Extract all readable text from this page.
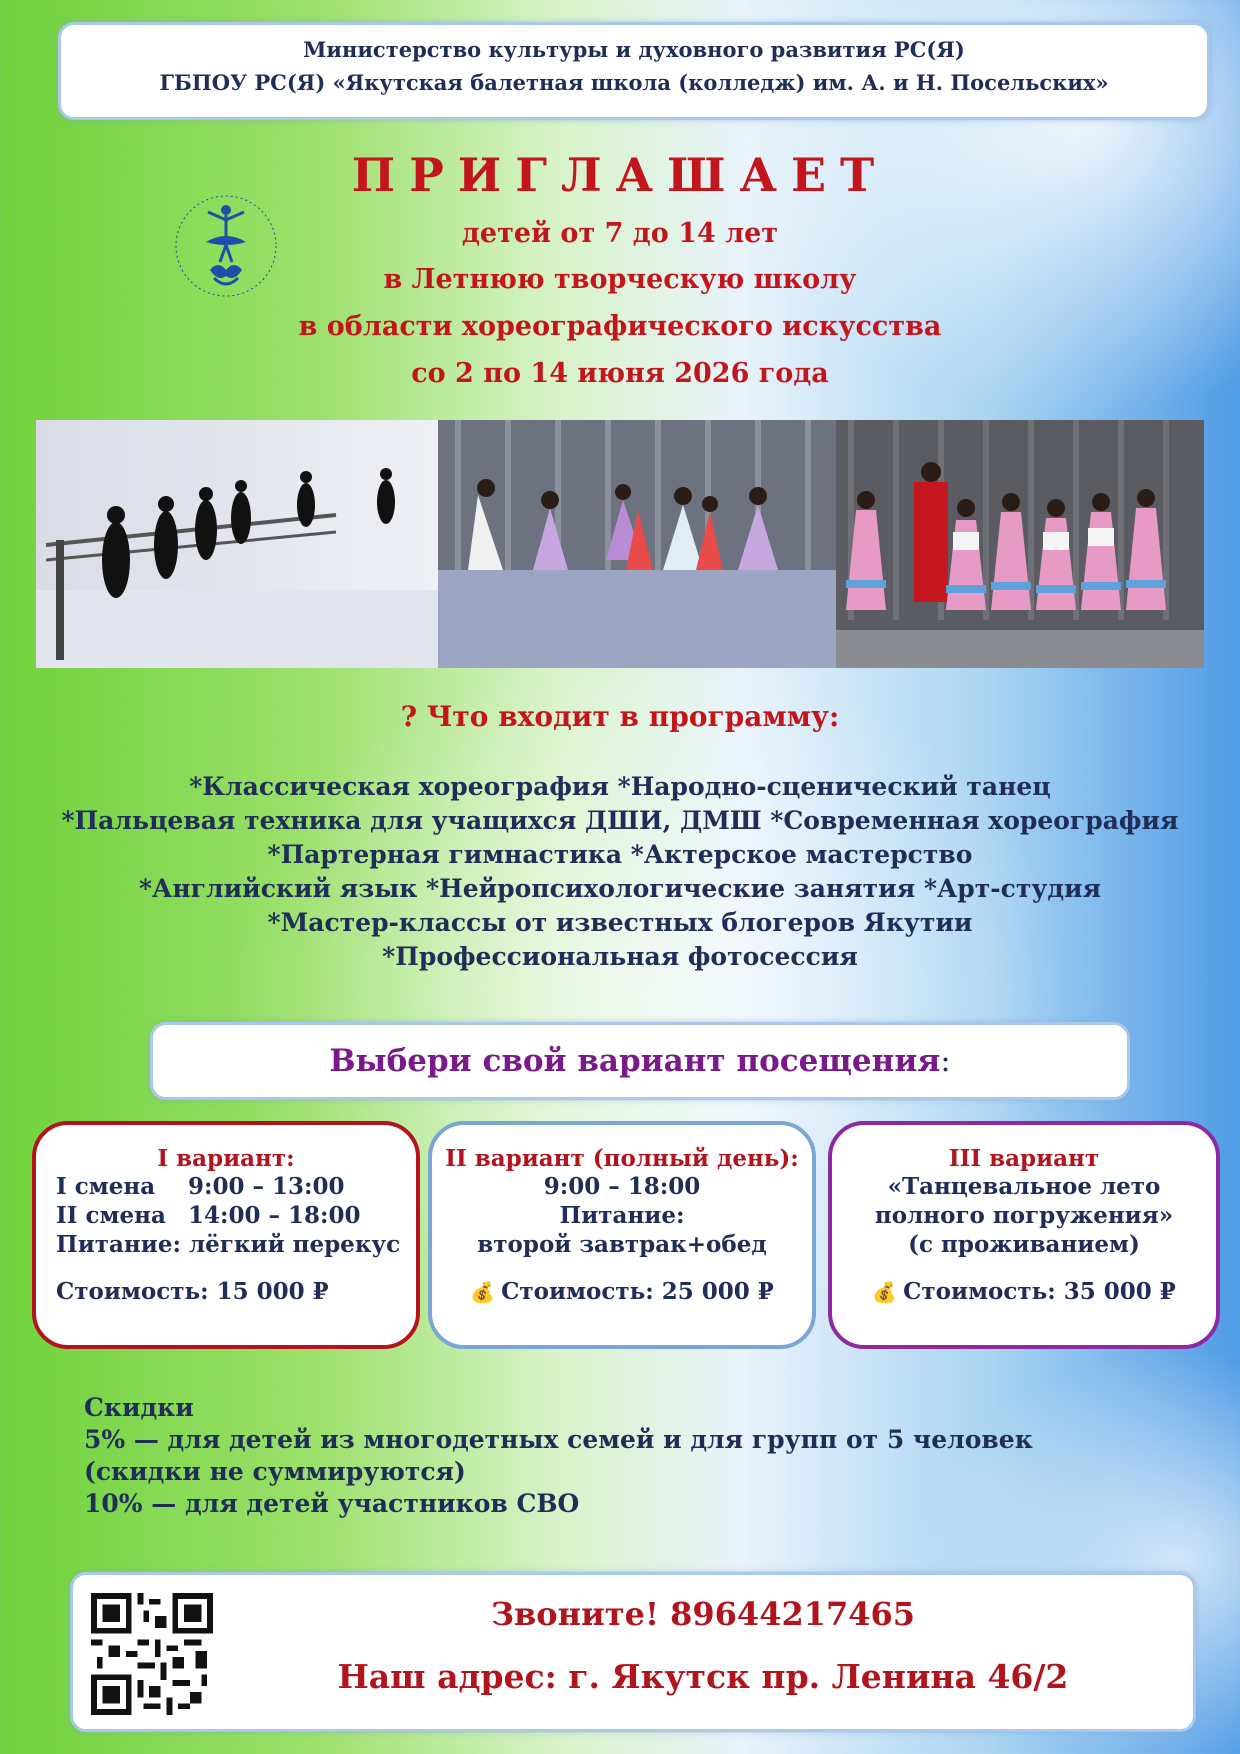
Министерство культуры и духовного развития РС(Я)
ГБПОУ РС(Я) «Якутская балетная школа (колледж) им. А. и Н. Посельских»
ПРИГЛАШАЕТ
детей от 7 до 14 лет
в Летнюю творческую школу
в области хореографического искусства
со 2 по 14 июня 2026 года
? Что входит в программу:
*Классическая хореография *Народно-сценический танец
*Пальцевая техника для учащихся ДШИ, ДМШ *Современная хореография
*Партерная гимнастика *Актерское мастерство
*Английский язык *Нейропсихологические занятия *Арт-студия
*Мастер-классы от известных блогеров Якутии
*Профессиональная фотосессия
Выбери свой вариант посещения:
I вариант:
I смена 9:00 – 13:00
II смена 14:00 – 18:00
Питание: лёгкий перекус
Стоимость: 15 000 ₽
II вариант (полный день):
9:00 – 18:00
Питание:
второй завтрак+обед
💰 Стоимость: 25 000 ₽
III вариант
«Танцевальное лето
полного погружения»
(с проживанием)
💰 Стоимость: 35 000 ₽
Скидки
5% — для детей из многодетных семей и для групп от 5 человек
(скидки не суммируются)
10% — для детей участников СВО
Звоните! 89644217465
Наш адрес: г. Якутск пр. Ленина 46/2
